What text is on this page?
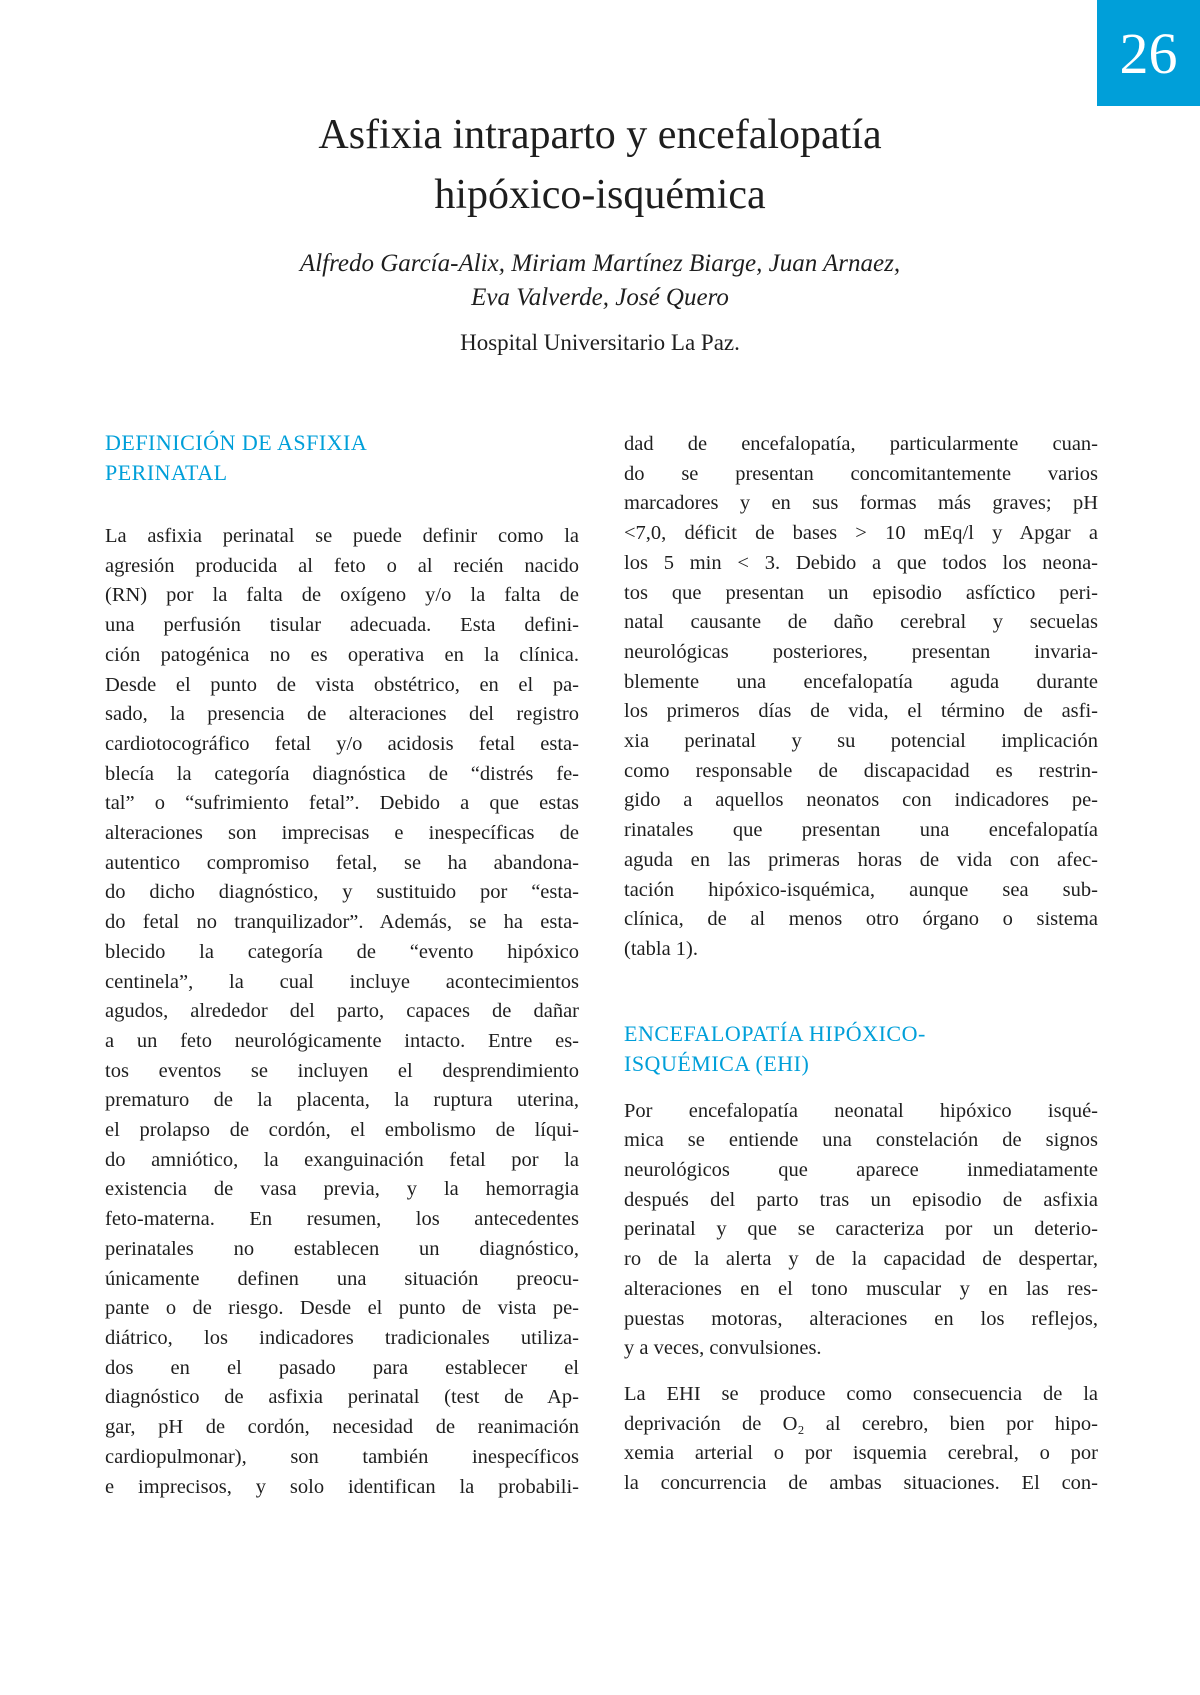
26
Asfixia intraparto y encefalopatía
hipóxico-isquémica
Alfredo García-Alix, Miriam Martínez Biarge, Juan Arnaez,
Eva Valverde, José Quero
Hospital Universitario La Paz.
DEFINICIÓN DE ASFIXIA
PERINATAL

La asfixia perinatal se puede definir como la
agresión producida al feto o al recién nacido
(RN) por la falta de oxígeno y/o la falta de
una perfusión tisular adecuada. Esta defini-
ción patogénica no es operativa en la clínica.
Desde el punto de vista obstétrico, en el pa-
sado, la presencia de alteraciones del registro
cardiotocográfico fetal y/o acidosis fetal esta-
blecía la categoría diagnóstica de “distrés fe-
tal” o “sufrimiento fetal”. Debido a que estas
alteraciones son imprecisas e inespecíficas de
autentico compromiso fetal, se ha abandona-
do dicho diagnóstico, y sustituido por “esta-
do fetal no tranquilizador”. Además, se ha esta-
blecido la categoría de “evento hipóxico
centinela”, la cual incluye acontecimientos
agudos, alrededor del parto, capaces de dañar
a un feto neurológicamente intacto. Entre es-
tos eventos se incluyen el desprendimiento
prematuro de la placenta, la ruptura uterina,
el prolapso de cordón, el embolismo de líqui-
do amniótico, la exanguinación fetal por la
existencia de vasa previa, y la hemorragia
feto-materna. En resumen, los antecedentes
perinatales no establecen un diagnóstico,
únicamente definen una situación preocu-
pante o de riesgo. Desde el punto de vista pe-
diátrico, los indicadores tradicionales utiliza-
dos en el pasado para establecer el
diagnóstico de asfixia perinatal (test de Ap-
gar, pH de cordón, necesidad de reanimación
cardiopulmonar), son también inespecíficos
e imprecisos, y solo identifican la probabili-

dad de encefalopatía, particularmente cuan-
do se presentan concomitantemente varios
marcadores y en sus formas más graves; pH
<7,0, déficit de bases > 10 mEq/l y Apgar a
los 5 min < 3. Debido a que todos los neona-
tos que presentan un episodio asfíctico peri-
natal causante de daño cerebral y secuelas
neurológicas posteriores, presentan invaria-
blemente una encefalopatía aguda durante
los primeros días de vida, el término de asfi-
xia perinatal y su potencial implicación
como responsable de discapacidad es restrin-
gido a aquellos neonatos con indicadores pe-
rinatales que presentan una encefalopatía
aguda en las primeras horas de vida con afec-
tación hipóxico-isquémica, aunque sea sub-
clínica, de al menos otro órgano o sistema
(tabla 1).

ENCEFALOPATÍA HIPÓXICO-
ISQUÉMICA (EHI)

Por encefalopatía neonatal hipóxico isqué-
mica se entiende una constelación de signos
neurológicos que aparece inmediatamente
después del parto tras un episodio de asfixia
perinatal y que se caracteriza por un deterio-
ro de la alerta y de la capacidad de despertar,
alteraciones en el tono muscular y en las res-
puestas motoras, alteraciones en los reflejos,
y a veces, convulsiones.

La EHI se produce como consecuencia de la
deprivación de O₂ al cerebro, bien por hipo-
xemia arterial o por isquemia cerebral, o por
la concurrencia de ambas situaciones. El con-
